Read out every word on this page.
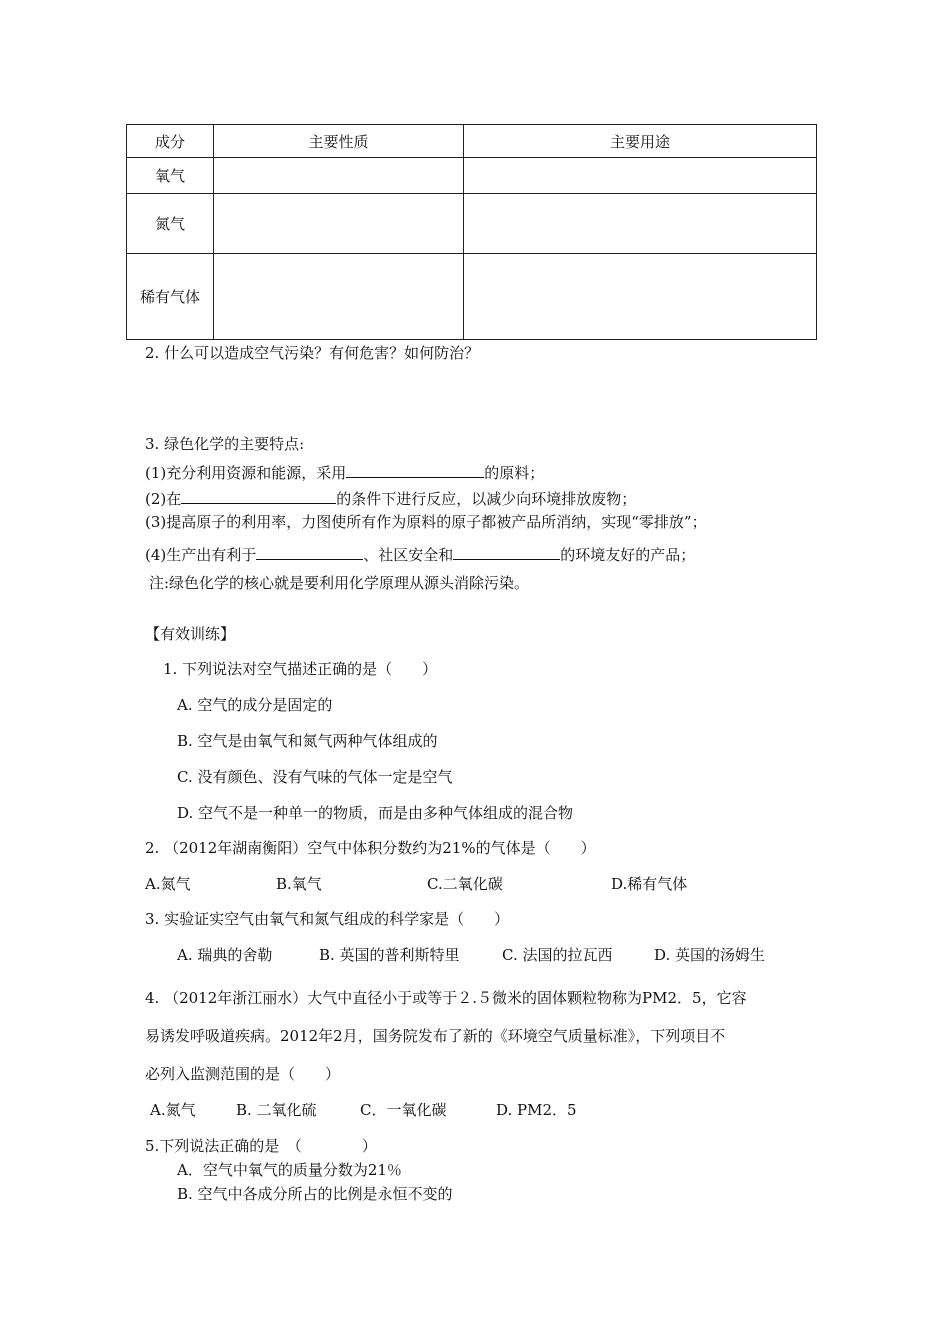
成分	主要性质	主要用途
氧气		
氮气		
稀有气体		
2. 什么可以造成空气污染？有何危害？如何防治？
3. 绿色化学的主要特点:
(1)充分利用资源和能源，采用	的原料；
(2)在	的条件下进行反应，以减少向环境排放废物；
(3)提高原子的利用率，力图使所有作为原料的原子都被产品所消纳，实现“零排放”；
(4)生产出有利于	、社区安全和	的环境友好的产品；
注:绿色化学的核心就是要利用化学原理从源头消除污染。
【有效训练】
1. 下列说法对空气描述正确的是（　　）
A. 空气的成分是固定的
B. 空气是由氧气和氮气两种气体组成的
C. 没有颜色、没有气味的气体一定是空气
D. 空气不是一种单一的物质，而是由多种气体组成的混合物
2. （2012年湖南衡阳）空气中体积分数约为21%的气体是（　　）
A.氮气	B.氧气	C.二氧化碳	D.稀有气体
3. 实验证实空气由氧气和氮气组成的科学家是（　　）
A. 瑞典的舍勒	B. 英国的普利斯特里	C. 法国的拉瓦西	D. 英国的汤姆生
4. （2012年浙江丽水）大气中直径小于或等于２.５微米的固体颗粒物称为PM2．5，它容
易诱发呼吸道疾病。2012年2月，国务院发布了新的《环境空气质量标准》，下列项目不
必列入监测范围的是（　　）
A.氮气	B. 二氧化硫	C．一氧化碳	D. PM2．5
5.下列说法正确的是　（　　　　）
A．空气中氧气的质量分数为21％
B. 空气中各成分所占的比例是永恒不变的
